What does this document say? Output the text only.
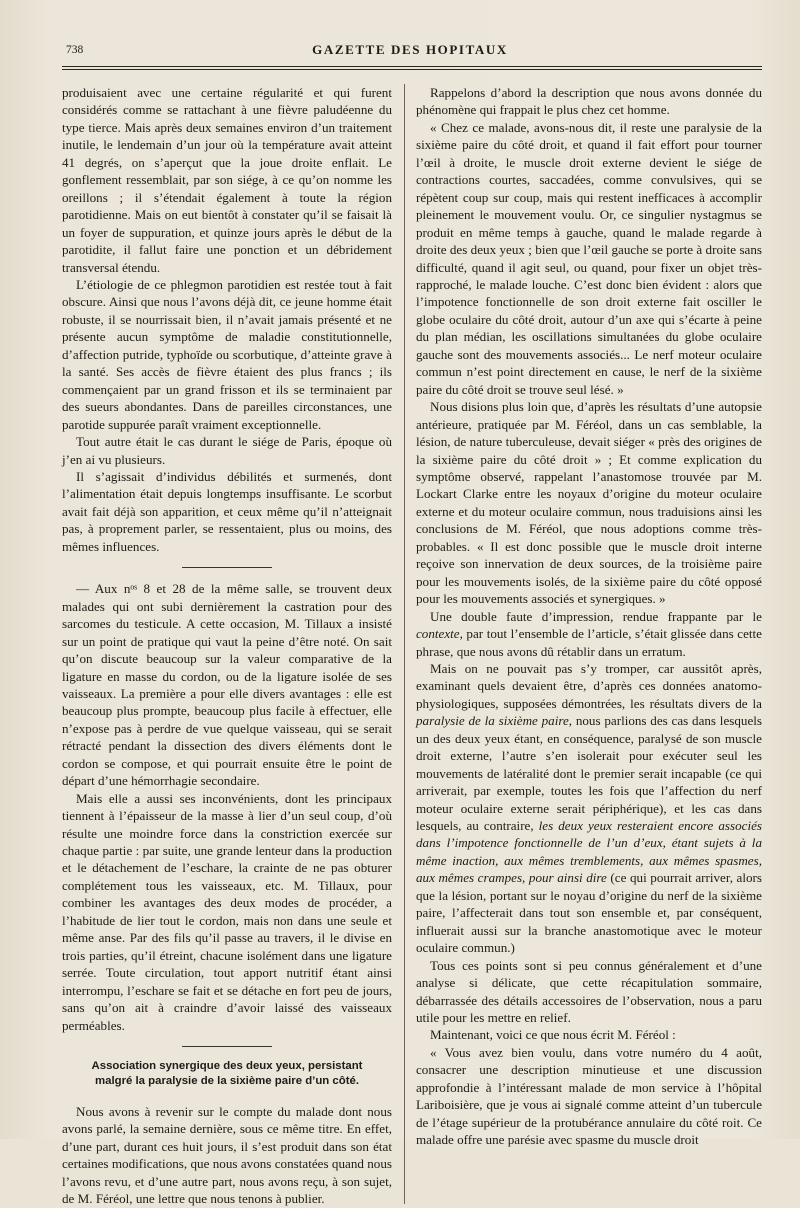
738	GAZETTE DES HOPITAUX

produisaient avec une certaine régularité et qui furent considérés comme se rattachant à une fièvre paludéenne du type tierce. Mais après deux semaines environ d’un traitement inutile, le lendemain d’un jour où la température avait atteint 41 degrés, on s’aperçut que la joue droite enflait. Le gonflement ressemblait, par son siége, à ce qu’on nomme les oreillons ; il s’étendait également à toute la région parotidienne. Mais on eut bientôt à constater qu’il se faisait là un foyer de suppuration, et quinze jours après le début de la parotidite, il fallut faire une ponction et un débridement transversal étendu.

L’étiologie de ce phlegmon parotidien est restée tout à fait obscure. Ainsi que nous l’avons déjà dit, ce jeune homme était robuste, il se nourrissait bien, il n’avait jamais présenté et ne présente aucun symptôme de maladie constitutionnelle, d’affection putride, typhoïde ou scorbutique, d’atteinte grave à la santé. Ses accès de fièvre étaient des plus francs ; ils commençaient par un grand frisson et ils se terminaient par des sueurs abondantes. Dans de pareilles circonstances, une parotide suppurée paraît vraiment exceptionnelle.

Tout autre était le cas durant le siége de Paris, époque où j’en ai vu plusieurs.

Il s’agissait d’individus débilités et surmenés, dont l’alimentation était depuis longtemps insuffisante. Le scorbut avait fait déjà son apparition, et ceux même qu’il n’atteignait pas, à proprement parler, se ressentaient, plus ou moins, des mêmes influences.

— Aux nᵒˢ 8 et 28 de la même salle, se trouvent deux malades qui ont subi dernièrement la castration pour des sarcomes du testicule. A cette occasion, M. Tillaux a insisté sur un point de pratique qui vaut la peine d’être noté. On sait qu’on discute beaucoup sur la valeur comparative de la ligature en masse du cordon, ou de la ligature isolée de ses vaisseaux. La première a pour elle divers avantages : elle est beaucoup plus prompte, beaucoup plus facile à effectuer, elle n’expose pas à perdre de vue quelque vaisseau, qui se serait rétracté pendant la dissection des divers éléments dont le cordon se compose, et qui pourrait ensuite être le point de départ d’une hémorrhagie secondaire.

Mais elle a aussi ses inconvénients, dont les principaux tiennent à l’épaisseur de la masse à lier d’un seul coup, d’où résulte une moindre force dans la constriction exercée sur chaque partie : par suite, une grande lenteur dans la production et le détachement de l’eschare, la crainte de ne pas obturer complétement tous les vaisseaux, etc. M. Tillaux, pour combiner les avantages des deux modes de procéder, a l’habitude de lier tout le cordon, mais non dans une seule et même anse. Par des fils qu’il passe au travers, il le divise en trois parties, qu’il étreint, chacune isolément dans une ligature serrée. Toute circulation, tout apport nutritif étant ainsi interrompu, l’eschare se fait et se détache en fort peu de jours, sans qu’on ait à craindre d’avoir laissé des vaisseaux perméables.

Association synergique des deux yeux, persistant
malgré la paralysie de la sixième paire d’un côté.

Nous avons à revenir sur le compte du malade dont nous avons parlé, la semaine dernière, sous ce même titre. En effet, d’une part, durant ces huit jours, il s’est produit dans son état certaines modifications, que nous avons constatées quand nous l’avons revu, et d’une autre part, nous avons reçu, à son sujet, de M. Féréol, une lettre que nous tenons à publier.

Rappelons d’abord la description que nous avons donnée du phénomène qui frappait le plus chez cet homme.

« Chez ce malade, avons-nous dit, il reste une paralysie de la sixième paire du côté droit, et quand il fait effort pour tourner l’œil à droite, le muscle droit externe devient le siége de contractions courtes, saccadées, comme convulsives, qui se répètent coup sur coup, mais qui restent inefficaces à accomplir pleinement le mouvement voulu. Or, ce singulier nystagmus se produit en même temps à gauche, quand le malade regarde à droite des deux yeux ; bien que l’œil gauche se porte à droite sans difficulté, quand il agit seul, ou quand, pour fixer un objet très-rapproché, le malade louche. C’est donc bien évident : alors que l’impotence fonctionnelle de son droit externe fait osciller le globe oculaire du côté droit, autour d’un axe qui s’écarte à peine du plan médian, les oscillations simultanées du globe oculaire gauche sont des mouvements associés... Le nerf moteur oculaire commun n’est point directement en cause, le nerf de la sixième paire du côté droit se trouve seul lésé. »

Nous disions plus loin que, d’après les résultats d’une autopsie antérieure, pratiquée par M. Féréol, dans un cas semblable, la lésion, de nature tuberculeuse, devait siéger « près des origines de la sixième paire du côté droit » ; Et comme explication du symptôme observé, rappelant l’anastomose trouvée par M. Lockart Clarke entre les noyaux d’origine du moteur oculaire externe et du moteur oculaire commun, nous traduisions ainsi les conclusions de M. Féréol, que nous adoptions comme très-probables. « Il est donc possible que le muscle droit interne reçoive son innervation de deux sources, de la troisième paire pour les mouvements isolés, de la sixième paire du côté opposé pour les mouvements associés et synergiques. »

Une double faute d’impression, rendue frappante par le contexte, par tout l’ensemble de l’article, s’était glissée dans cette phrase, que nous avons dû rétablir dans un erratum.

Mais on ne pouvait pas s’y tromper, car aussitôt après, examinant quels devaient être, d’après ces données anatomo-physiologiques, supposées démontrées, les résultats divers de la paralysie de la sixième paire, nous parlions des cas dans lesquels un des deux yeux étant, en conséquence, paralysé de son muscle droit externe, l’autre s’en isolerait pour exécuter seul les mouvements de latéralité dont le premier serait incapable (ce qui arriverait, par exemple, toutes les fois que l’affection du nerf moteur oculaire externe serait périphérique), et les cas dans lesquels, au contraire, les deux yeux resteraient encore associés dans l’impotence fonctionnelle de l’un d’eux, étant sujets à la même inaction, aux mêmes tremblements, aux mêmes spasmes, aux mêmes crampes, pour ainsi dire (ce qui pourrait arriver, alors que la lésion, portant sur le noyau d’origine du nerf de la sixième paire, l’affecterait dans tout son ensemble et, par conséquent, influerait aussi sur la branche anastomotique avec le moteur oculaire commun.)

Tous ces points sont si peu connus généralement et d’une analyse si délicate, que cette récapitulation sommaire, débarrassée des détails accessoires de l’observation, nous a paru utile pour les mettre en relief.

Maintenant, voici ce que nous écrit M. Féréol :

« Vous avez bien voulu, dans votre numéro du 4 août, consacrer une description minutieuse et une discussion approfondie à l’intéressant malade de mon service à l’hôpital Lariboisière, que je vous ai signalé comme atteint d’un tubercule de l’étage supérieur de la protubérance annulaire du côté roit. Ce malade offre une parésie avec spasme du muscle droit
